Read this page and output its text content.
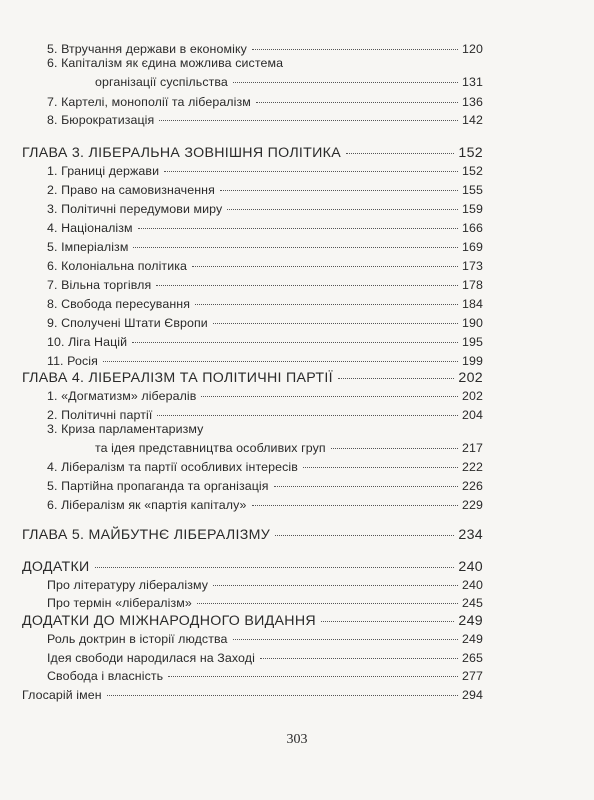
5. Втручання держави в економіку	120
6. Капіталізм як єдина можлива система
організації суспільства	131
7. Картелі, монополії та лібералізм	136
8. Бюрократизація	142
ГЛАВА 3. ЛІБЕРАЛЬНА ЗОВНІШНЯ ПОЛІТИКА	152
1. Границі держави	152
2. Право на самовизначення	155
3. Політичні передумови миру	159
4. Націоналізм	166
5. Імперіалізм	169
6. Колоніальна політика	173
7. Вільна торгівля	178
8. Свобода пересування	184
9. Сполучені Штати Європи	190
10. Ліга Націй	195
11. Росія	199
ГЛАВА 4. ЛІБЕРАЛІЗМ ТА ПОЛІТИЧНІ ПАРТІЇ	202
1. «Догматизм» лібералів	202
2. Політичні партії	204
3. Криза парламентаризму
та ідея представництва особливих груп	217
4. Лібералізм та партії особливих інтересів	222
5. Партійна пропаганда та організація	226
6. Лібералізм як «партія капіталу»	229
ГЛАВА 5. МАЙБУТНЄ ЛІБЕРАЛІЗМУ	234
ДОДАТКИ	240
Про літературу лібералізму	240
Про термін «лібералізм»	245
ДОДАТКИ ДО МІЖНАРОДНОГО ВИДАННЯ	249
Роль доктрин в історії людства	249
Ідея свободи народилася на Заході	265
Свобода і власність	277
Глосарій імен	294
303
